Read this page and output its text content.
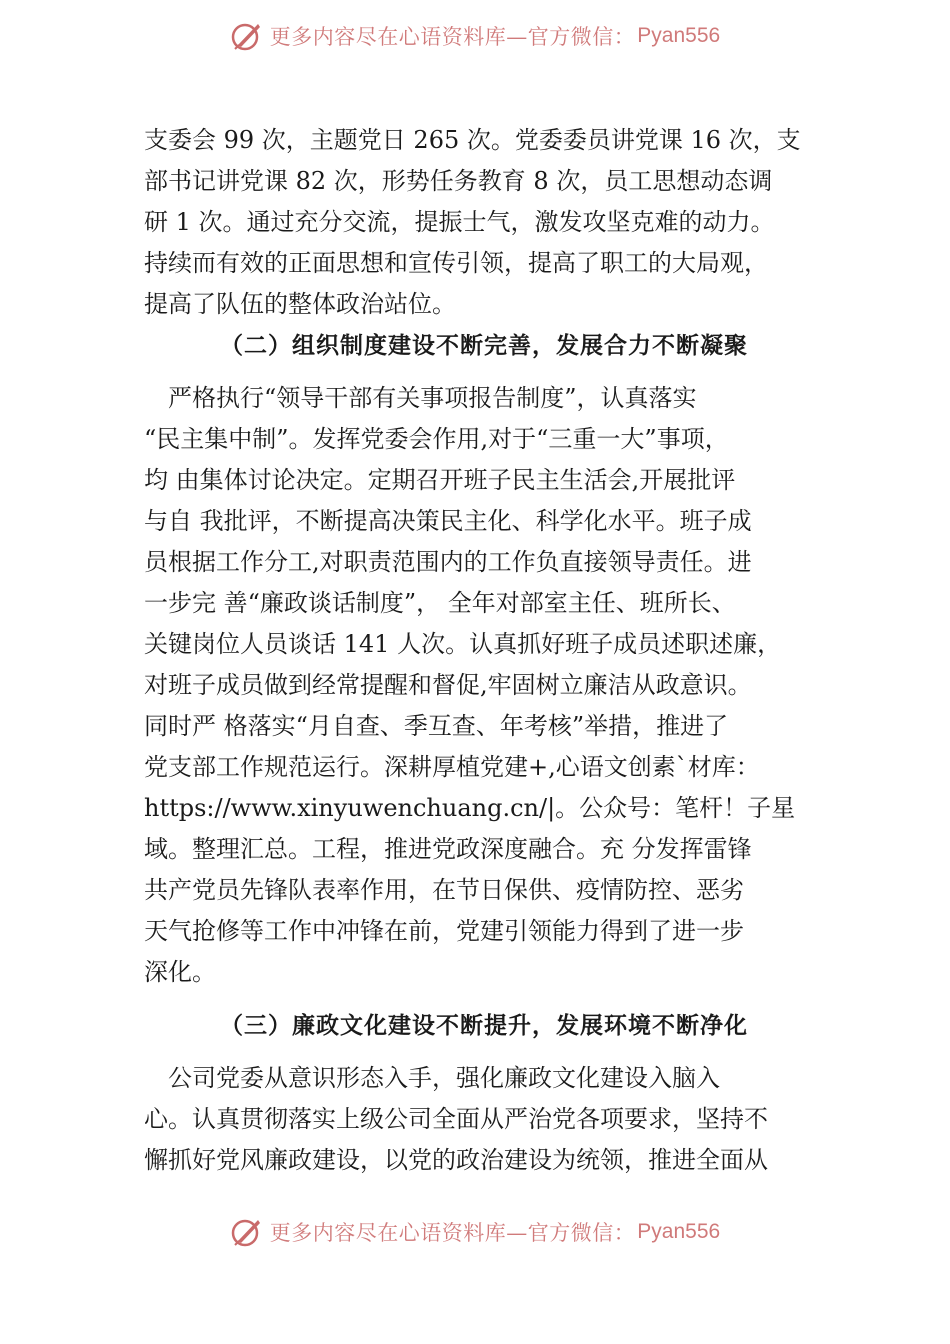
更多内容尽在心语资料库—官方微信： Pyan556
支委会 99 次，主题党日 265 次。党委委员讲党课 16 次，支
部书记讲党课 82 次，形势任务教育 8 次，员工思想动态调
研 1 次。通过充分交流，提振士气，激发攻坚克难的动力。
持续而有效的正面思想和宣传引领，提高了职工的大局观，
提高了队伍的整体政治站位。
（二）组织制度建设不断完善，发展合力不断凝聚
　严格执行“领导干部有关事项报告制度”，认真落实
“民主集中制”。发挥党委会作用,对于“三重一大”事项，
均 由集体讨论决定。定期召开班子民主生活会,开展批评
与自 我批评，不断提高决策民主化、科学化水平。班子成
员根据工作分工,对职责范围内的工作负直接领导责任。进
一步完 善“廉政谈话制度”， 全年对部室主任、班所长、
关键岗位人员谈话 141 人次。认真抓好班子成员述职述廉，
对班子成员做到经常提醒和督促,牢固树立廉洁从政意识。
同时严 格落实“月自查、季互查、年考核”举措，推进了
党支部工作规范运行。深耕厚植党建+,心语文创素`材库：
https://www.xinyuwenchuang.cn/|。公众号：笔杆！子星
域。整理汇总。工程，推进党政深度融合。充 分发挥雷锋
共产党员先锋队表率作用，在节日保供、疫情防控、恶劣
天气抢修等工作中冲锋在前，党建引领能力得到了进一步
深化。
（三）廉政文化建设不断提升，发展环境不断净化
　公司党委从意识形态入手，强化廉政文化建设入脑入
心。认真贯彻落实上级公司全面从严治党各项要求，坚持不
懈抓好党风廉政建设，以党的政治建设为统领，推进全面从
更多内容尽在心语资料库—官方微信： Pyan556
